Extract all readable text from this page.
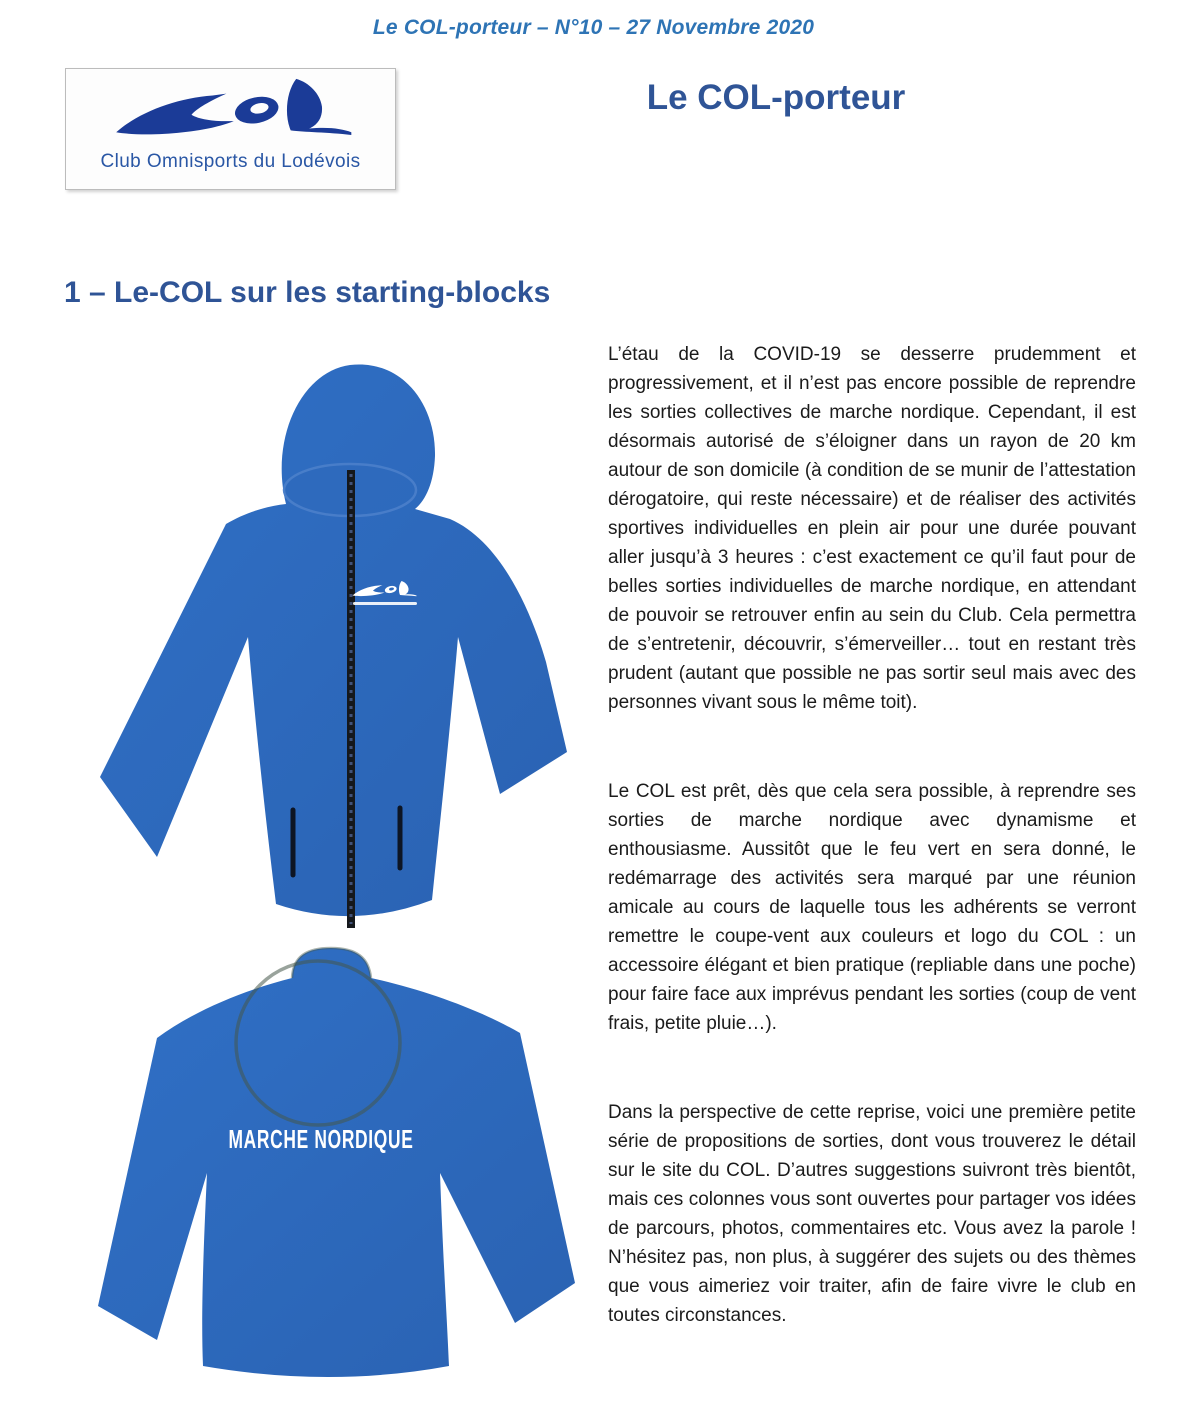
Le COL-porteur – N°10 – 27 Novembre 2020
Club Omnisports du Lodévois
Le COL-porteur
1 – Le-COL sur les starting-blocks
MARCHE NORDIQUE

L’étau de la COVID-19 se desserre prudemment et progressivement, et il n’est pas encore possible de reprendre les sorties collectives de marche nordique. Cependant, il est désormais autorisé de s’éloigner dans un rayon de 20 km autour de son domicile (à condition de se munir de l’attestation dérogatoire, qui reste nécessaire) et de réaliser des activités sportives individuelles en plein air pour une durée pouvant aller jusqu’à 3 heures : c’est exactement ce qu’il faut pour de belles sorties individuelles de marche nordique, en attendant de pouvoir se retrouver enfin au sein du Club. Cela permettra de s’entretenir, découvrir, s’émerveiller… tout en restant très prudent (autant que possible ne pas sortir seul mais avec des personnes vivant sous le même toit).

Le COL est prêt, dès que cela sera possible, à reprendre ses sorties de marche nordique avec dynamisme et enthousiasme. Aussitôt que le feu vert en sera donné, le redémarrage des activités sera marqué par une réunion amicale au cours de laquelle tous les adhérents se verront remettre le coupe-vent aux couleurs et logo du COL : un accessoire élégant et bien pratique (repliable dans une poche) pour faire face aux imprévus pendant les sorties (coup de vent frais, petite pluie…).

Dans la perspective de cette reprise, voici une première petite série de propositions de sorties, dont vous trouverez le détail sur le site du COL. D’autres suggestions suivront très bientôt, mais ces colonnes vous sont ouvertes pour partager vos idées de parcours, photos, commentaires etc. Vous avez la parole ! N’hésitez pas, non plus, à suggérer des sujets ou des thèmes que vous aimeriez voir traiter, afin de faire vivre le club en toutes circonstances.
